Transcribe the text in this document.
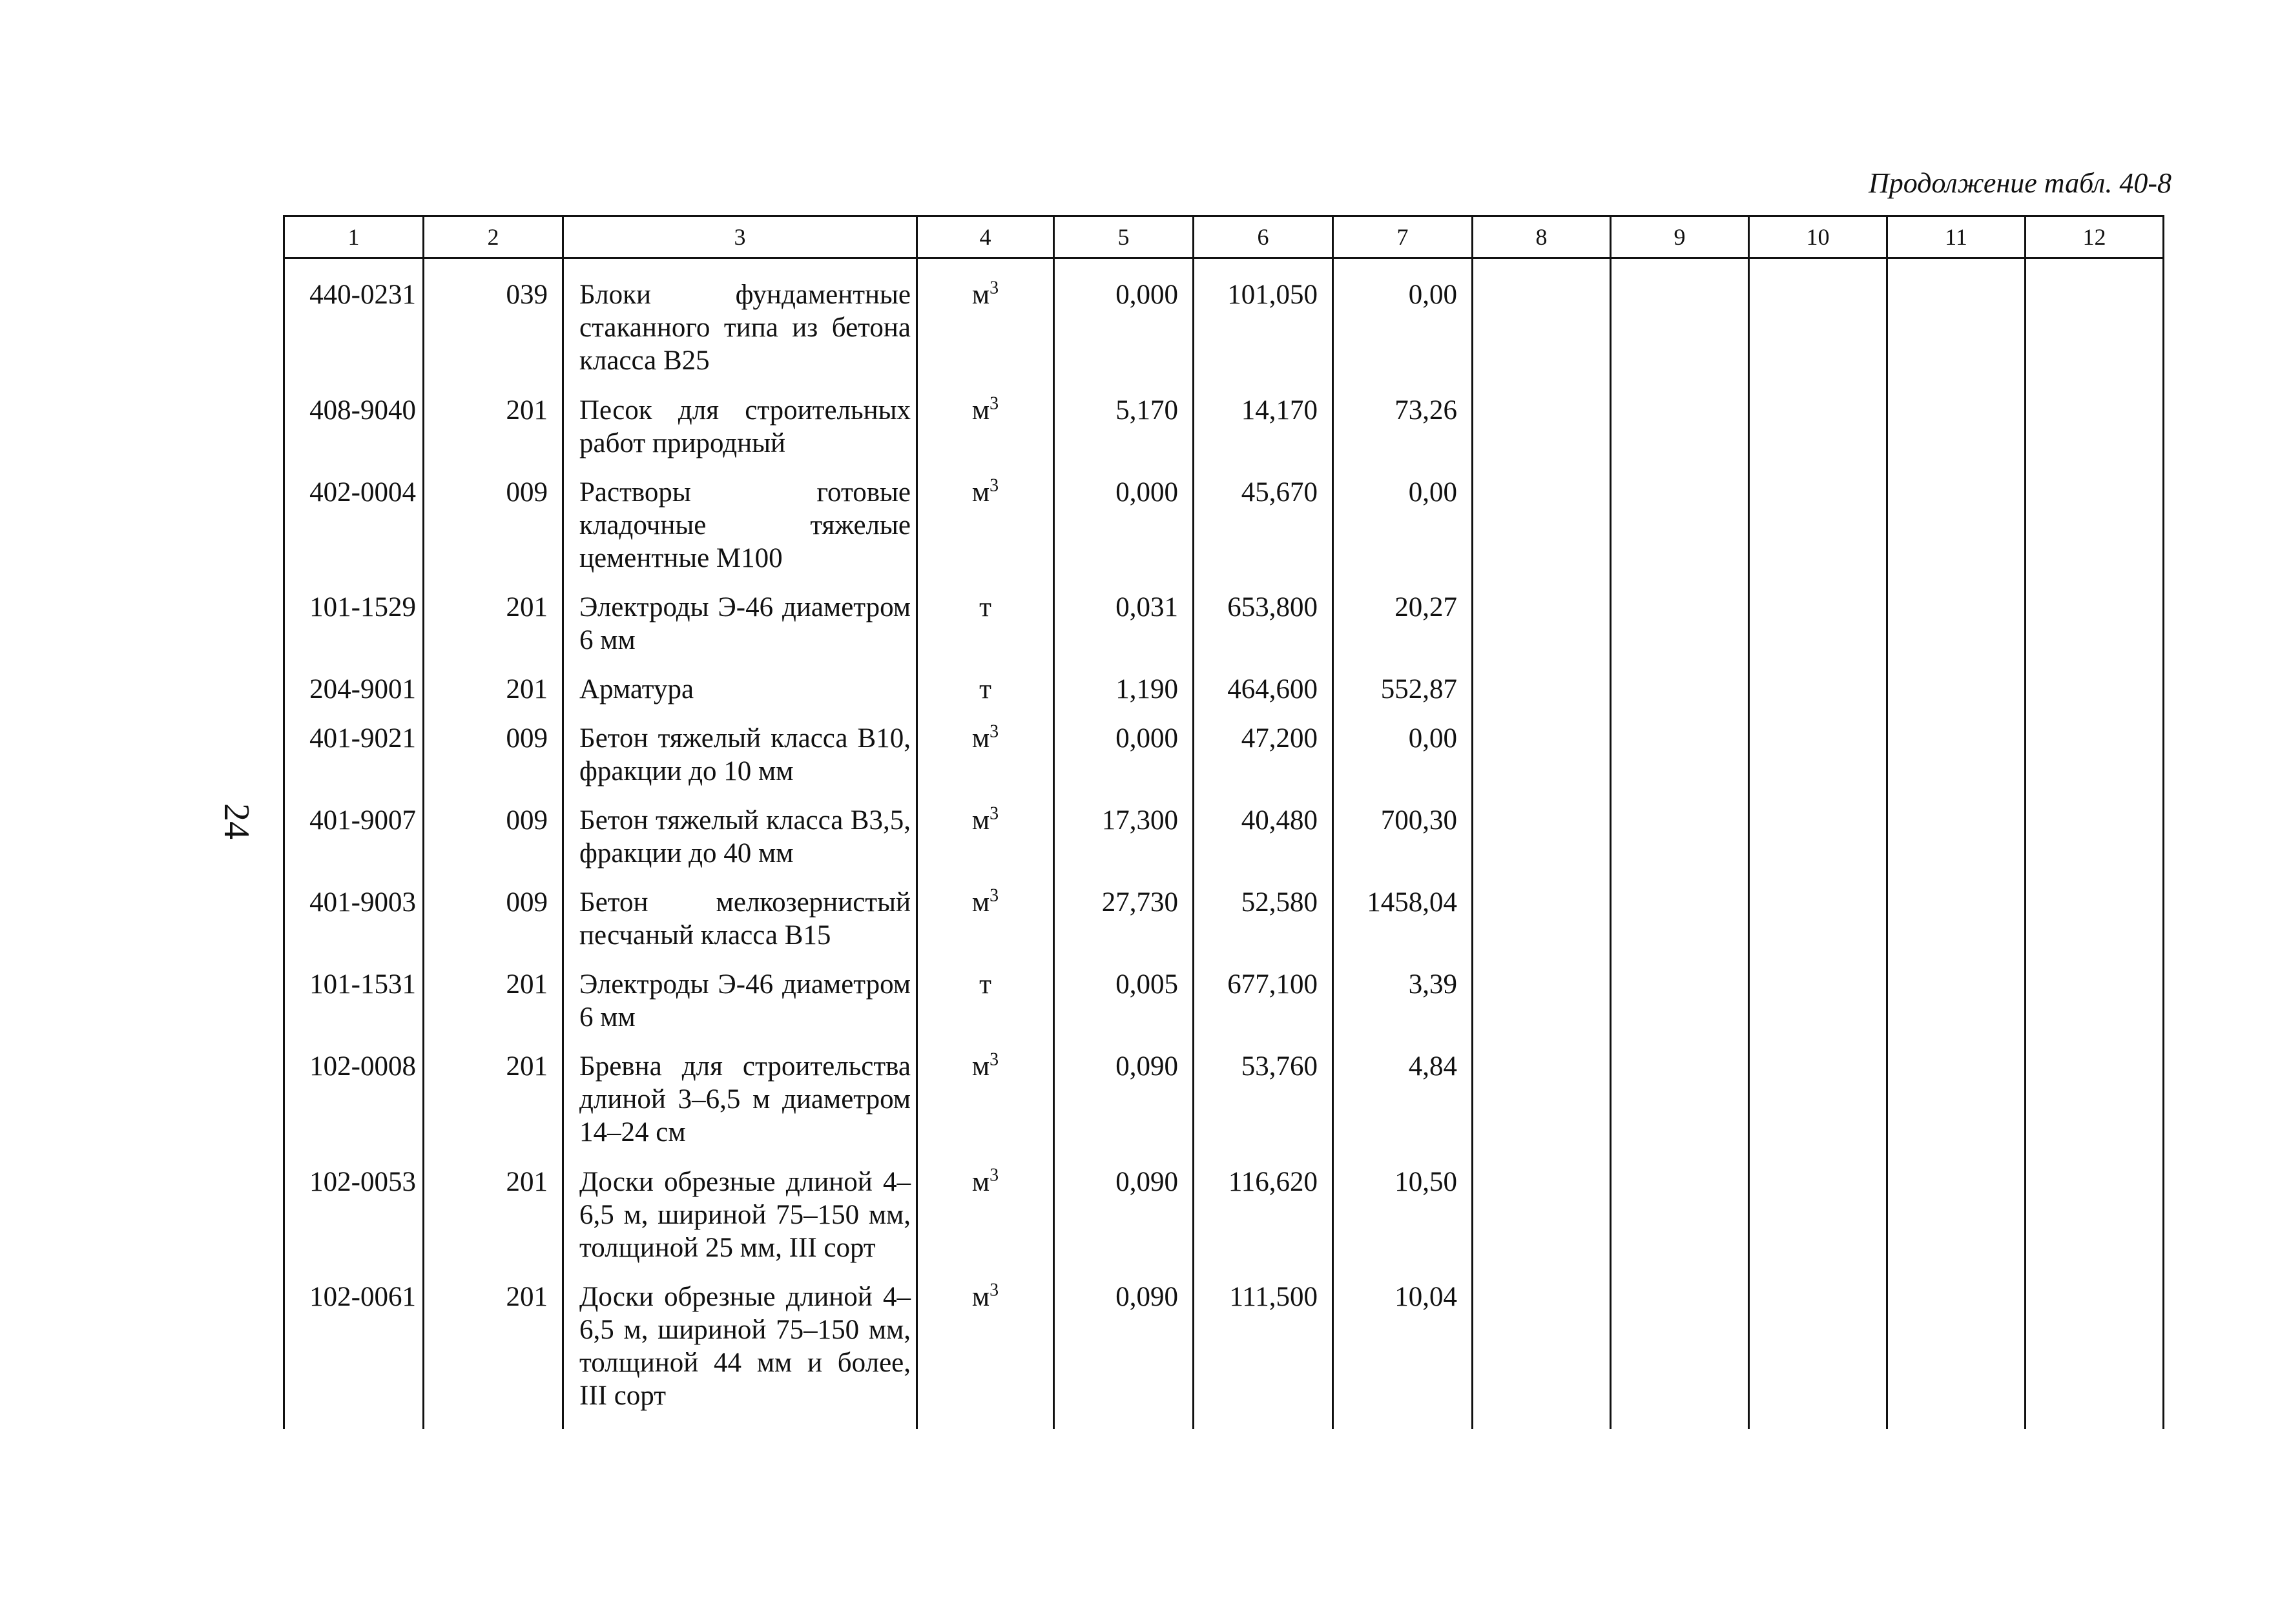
Продолжение табл. 40-8
24
1	2	3	4	5	6	7	8	9	10	11	12
440-0231	039	Блоки фундаментные стаканного типа из бетона класса В25	$м^3$	0,000	101,050	0,00					
408-9040	201	Песок для строительных работ природный	$м^3$	5,170	14,170	73,26					
402-0004	009	Растворы готовые кладочные тяжелые цементные М100	$м^3$	0,000	45,670	0,00					
101-1529	201	Электроды Э-46 диаметром 6 мм	т	0,031	653,800	20,27					
204-9001	201	Арматура	т	1,190	464,600	552,87					
401-9021	009	Бетон тяжелый класса В10, фракции до 10 мм	$м^3$	0,000	47,200	0,00					
401-9007	009	Бетон тяжелый класса В3,5, фракции до 40 мм	$м^3$	17,300	40,480	700,30					
401-9003	009	Бетон мелкозернистый песчаный класса В15	$м^3$	27,730	52,580	1458,04					
101-1531	201	Электроды Э-46 диаметром 6 мм	т	0,005	677,100	3,39					
102-0008	201	Бревна для строительства длиной 3–6,5 м диаметром 14–24 см	$м^3$	0,090	53,760	4,84					
102-0053	201	Доски обрезные длиной 4–6,5 м, шириной 75–150 мм, толщиной 25 мм, III сорт	$м^3$	0,090	116,620	10,50					
102-0061	201	Доски обрезные длиной 4–6,5 м, шириной 75–150 мм, толщиной 44 мм и более, III сорт	$м^3$	0,090	111,500	10,04					
